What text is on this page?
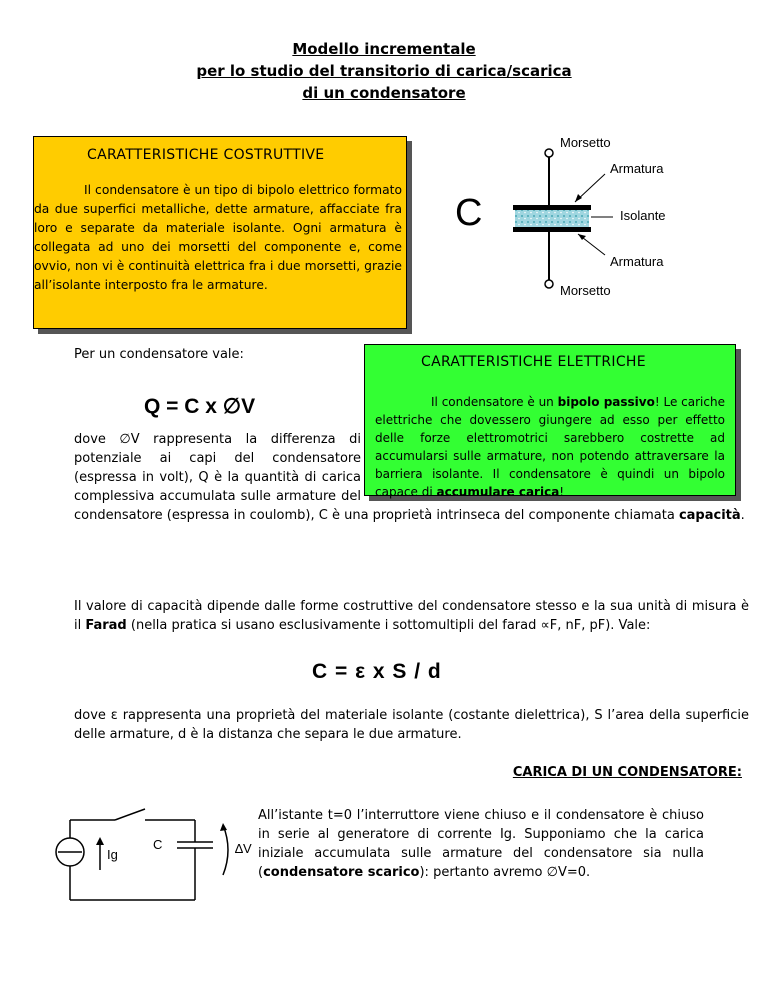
Modello incrementale
per lo studio del transitorio di carica/scarica
di un condensatore
CARATTERISTICHE COSTRUTTIVE
Il condensatore è un tipo di bipolo elettrico formato da due superfici metalliche, dette armature, affacciate fra loro e separate da materiale isolante. Ogni armatura è collegata ad uno dei morsetti del componente e, come ovvio, non vi è continuità elettrica fra i due morsetti, grazie all’isolante interposto fra le armature.
Morsetto
Armatura
Isolante
Armatura
Morsetto
C
Per un condensatore vale:
Q = C x ∅V
dove ∅V rappresenta la differenza di potenziale ai capi del condensatore (espressa in volt), Q è la quantità di carica complessiva accumulata sulle armature del condensatore (espressa in coulomb), C è una proprietà intrinseca del componente chiamata capacità.
CARATTERISTICHE ELETTRICHE
Il condensatore è un bipolo passivo! Le cariche elettriche che dovessero giungere ad esso per effetto delle forze elettromotrici sarebbero costrette ad accumularsi sulle armature, non potendo attraversare la barriera isolante. Il condensatore è quindi un bipolo capace di accumulare carica!
Il valore di capacità dipende dalle forme costruttive del condensatore stesso e la sua unità di misura è il Farad (nella pratica si usano esclusivamente i sottomultipli del farad ∝F, nF, pF). Vale:
C = ε x S / d
dove ε rappresenta una proprietà del materiale isolante (costante dielettrica), S l’area della superficie delle armature, d è la distanza che separa le due armature.
CARICA DI UN CONDENSATORE:
Ig
C	∆V
All’istante t=0 l’interruttore viene chiuso e il condensatore è chiuso in serie al generatore di corrente Ig. Supponiamo che la carica iniziale accumulata sulle armature del condensatore sia nulla (condensatore scarico): pertanto avremo ∅V=0.
